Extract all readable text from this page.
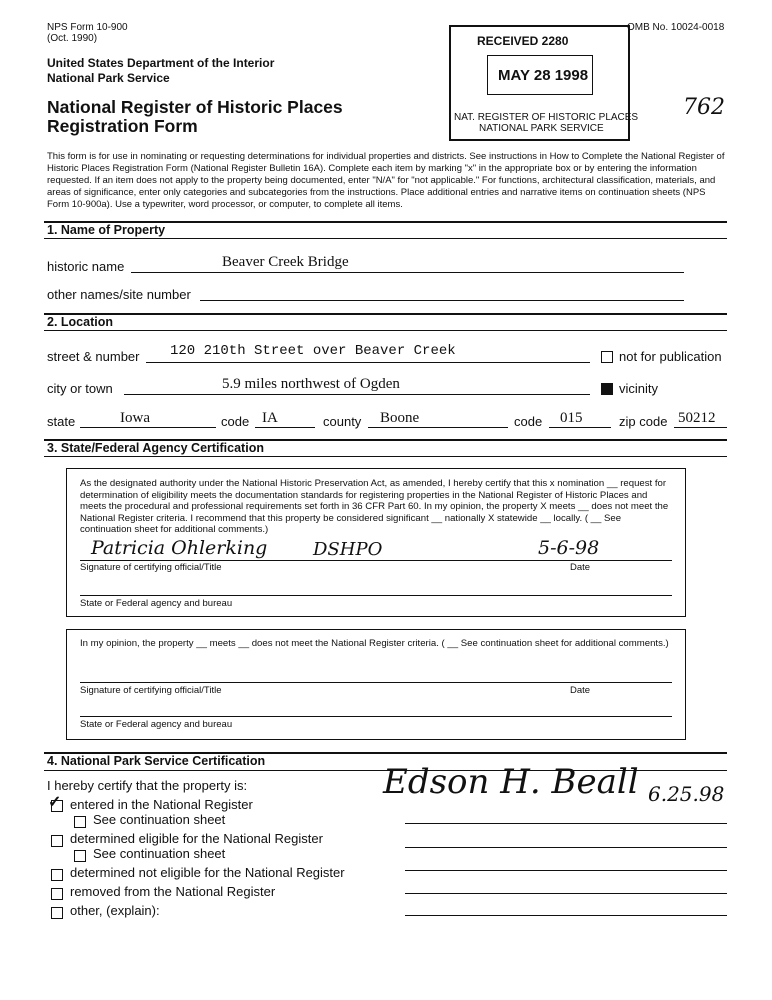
NPS Form 10-900
(Oct. 1990)
OMB No. 10024-0018
United States Department of the Interior
National Park Service
National Register of Historic Places
Registration Form
762
RECEIVED 2280
MAY 28 1998
NAT. REGISTER OF HISTORIC PLACES
NATIONAL PARK SERVICE
This form is for use in nominating or requesting determinations for individual properties and districts. See instructions in How to Complete the National Register of Historic Places Registration Form (National Register Bulletin 16A). Complete each item by marking "x" in the appropriate box or by entering the information requested. If an item does not apply to the property being documented, enter "N/A" for "not applicable." For functions, architectural classification, materials, and areas of significance, enter only categories and subcategories from the instructions. Place additional entries and narrative items on continuation sheets (NPS Form 10-900a). Use a typewriter, word processor, or computer, to complete all items.
1. Name of Property
historic name	Beaver Creek Bridge
other names/site number
2. Location
street & number 120 210th Street over Beaver Creek	not for publication
city or town	5.9 miles northwest of Ogden	vicinity
state	Iowa	code IA	county Boone	code 015	zip code 50212
3. State/Federal Agency Certification
As the designated authority under the National Historic Preservation Act, as amended, I hereby certify that this x nomination __ request for determination of eligibility meets the documentation standards for registering properties in the National Register of Historic Places and meets the procedural and professional requirements set forth in 36 CFR Part 60. In my opinion, the property X meets __ does not meet the National Register criteria. I recommend that this property be considered significant __ nationally X statewide __ locally. ( __ See continuation sheet for additional comments.)
Patricia Ohlerking	DSHPO	5-6-98
Signature of certifying official/Title	Date
State or Federal agency and bureau
In my opinion, the property __ meets __ does not meet the National Register criteria. ( __ See continuation sheet for additional comments.)
Signature of certifying official/Title	Date
State or Federal agency and bureau
4. National Park Service Certification
I hereby certify that the property is:
✓ entered in the National Register
See continuation sheet
determined eligible for the National Register
See continuation sheet
determined not eligible for the National Register
removed from the National Register
other, (explain):
Edson H. Beall 6.25.98
